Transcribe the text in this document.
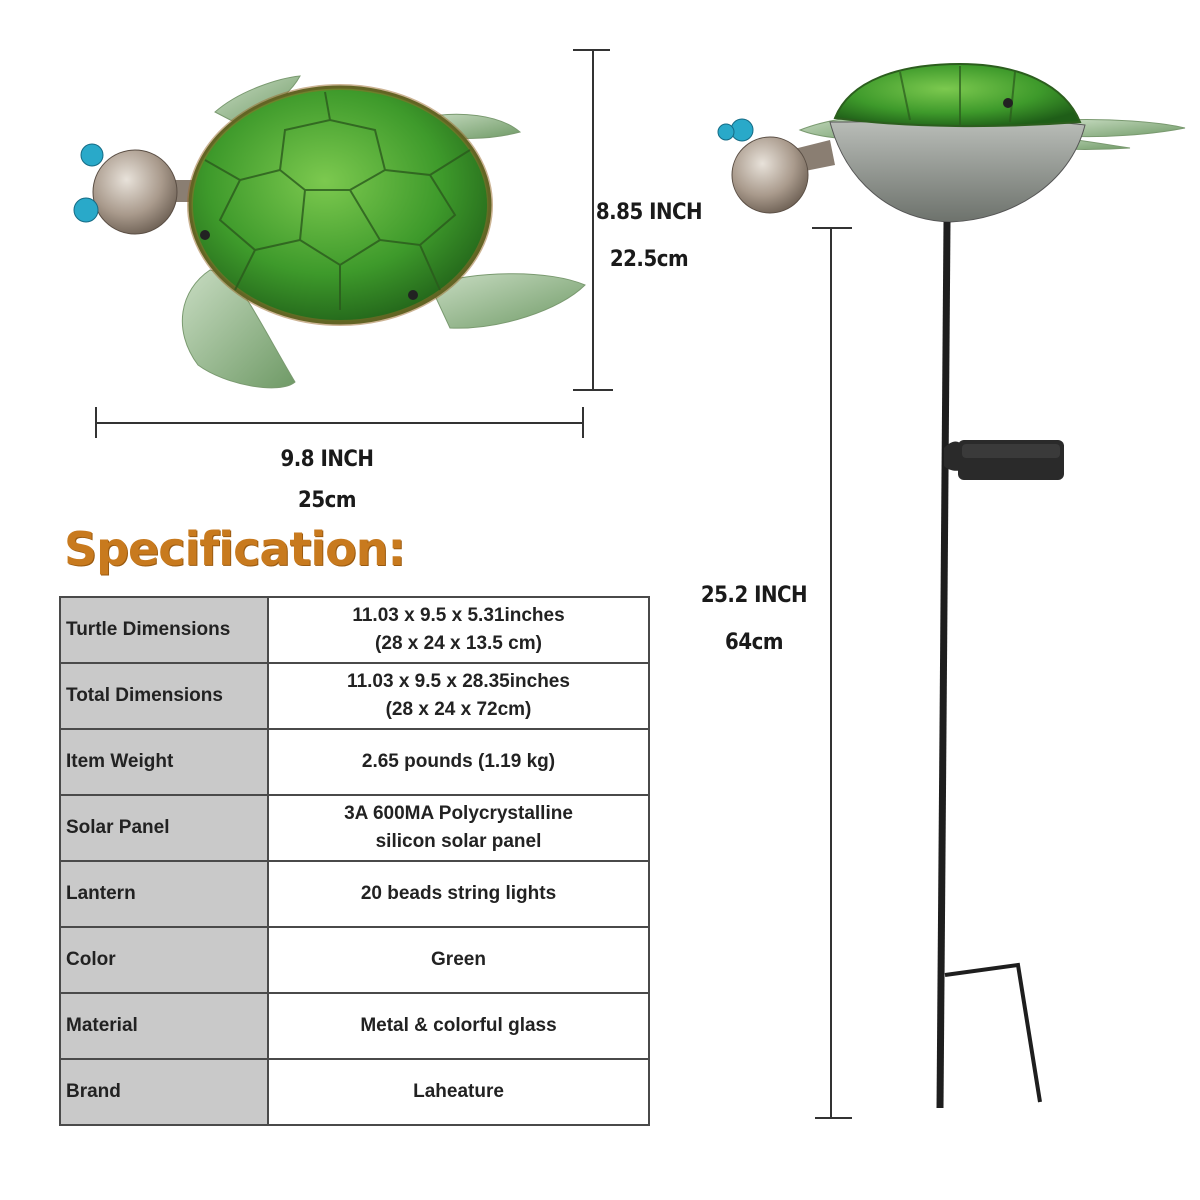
8.85 INCH
22.5cm
9.8 INCH
25cm
25.2 INCH
64cm
Specification:
Turtle Dimensions	11.03 x 9.5 x 5.31inches
(28 x 24 x 13.5 cm)

Total Dimensions	11.03 x 9.5 x 28.35inches
(28 x 24 x 72cm)

Item Weight	2.65 pounds (1.19 kg)

Solar Panel	3A 600MA Polycrystalline
silicon solar panel

Lantern	20 beads string lights

Color	Green

Material	Metal & colorful glass

Brand	Laheature
